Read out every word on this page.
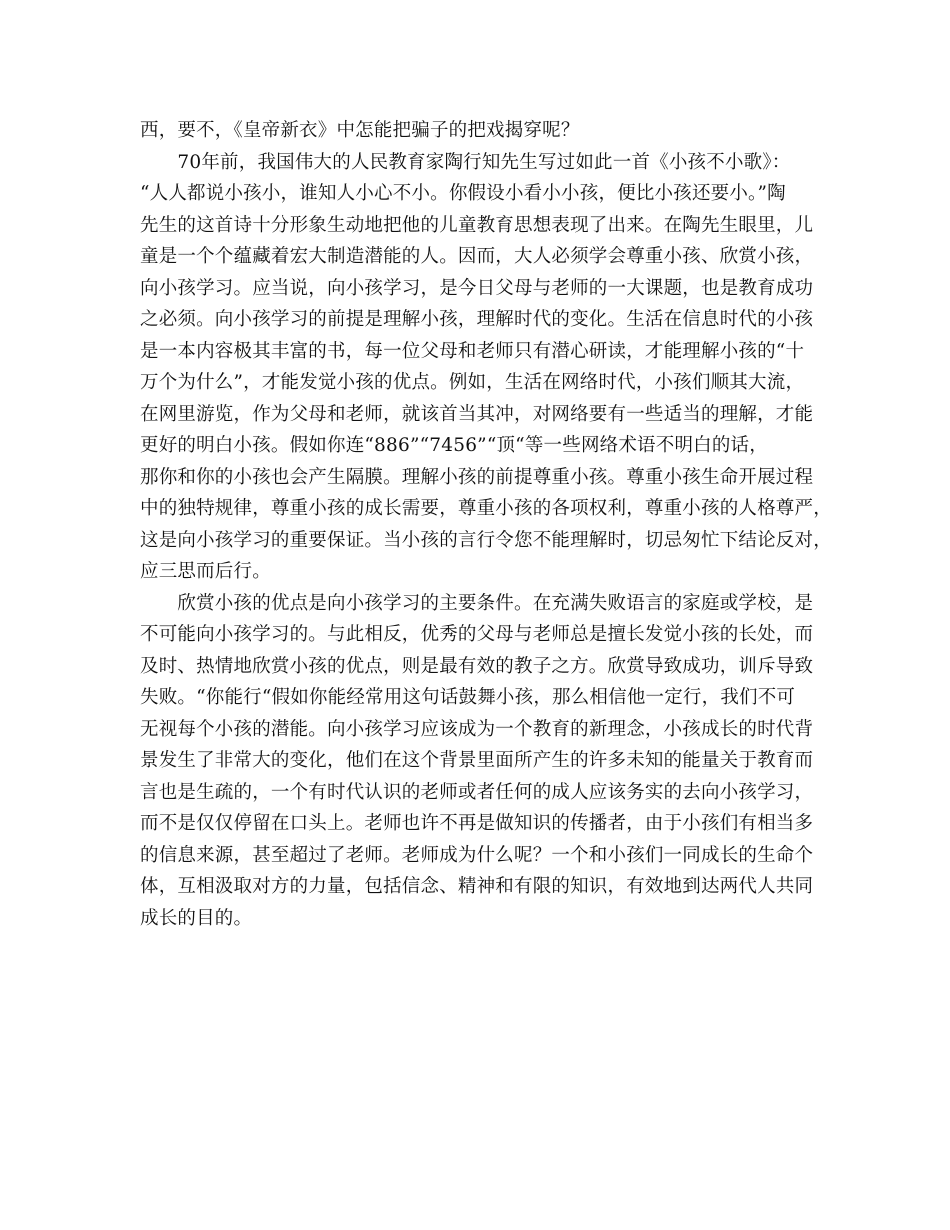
西，要不，《皇帝新衣》中怎能把骗子的把戏揭穿呢？
　　70年前，我国伟大的人民教育家陶行知先生写过如此一首《小孩不小歌》：
“人人都说小孩小，谁知人小心不小。你假设小看小小孩，便比小孩还要小。”陶
先生的这首诗十分形象生动地把他的儿童教育思想表现了出来。在陶先生眼里，儿
童是一个个蕴藏着宏大制造潜能的人。因而，大人必须学会尊重小孩、欣赏小孩，
向小孩学习。应当说，向小孩学习，是今日父母与老师的一大课题，也是教育成功
之必须。向小孩学习的前提是理解小孩，理解时代的变化。生活在信息时代的小孩
是一本内容极其丰富的书，每一位父母和老师只有潜心研读，才能理解小孩的“十
万个为什么”，才能发觉小孩的优点。例如，生活在网络时代，小孩们顺其大流，
在网里游览，作为父母和老师，就该首当其冲，对网络要有一些适当的理解，才能
更好的明白小孩。假如你连“886”“7456”“顶“等一些网络术语不明白的话，
那你和你的小孩也会产生隔膜。理解小孩的前提尊重小孩。尊重小孩生命开展过程
中的独特规律，尊重小孩的成长需要，尊重小孩的各项权利，尊重小孩的人格尊严，
这是向小孩学习的重要保证。当小孩的言行令您不能理解时，切忌匆忙下结论反对，
应三思而后行。
　　欣赏小孩的优点是向小孩学习的主要条件。在充满失败语言的家庭或学校，是
不可能向小孩学习的。与此相反，优秀的父母与老师总是擅长发觉小孩的长处，而
及时、热情地欣赏小孩的优点，则是最有效的教子之方。欣赏导致成功，训斥导致
失败。“你能行“假如你能经常用这句话鼓舞小孩，那么相信他一定行，我们不可
无视每个小孩的潜能。向小孩学习应该成为一个教育的新理念，小孩成长的时代背
景发生了非常大的变化，他们在这个背景里面所产生的许多未知的能量关于教育而
言也是生疏的，一个有时代认识的老师或者任何的成人应该务实的去向小孩学习，
而不是仅仅停留在口头上。老师也许不再是做知识的传播者，由于小孩们有相当多
的信息来源，甚至超过了老师。老师成为什么呢？一个和小孩们一同成长的生命个
体，互相汲取对方的力量，包括信念、精神和有限的知识，有效地到达两代人共同
成长的目的。
